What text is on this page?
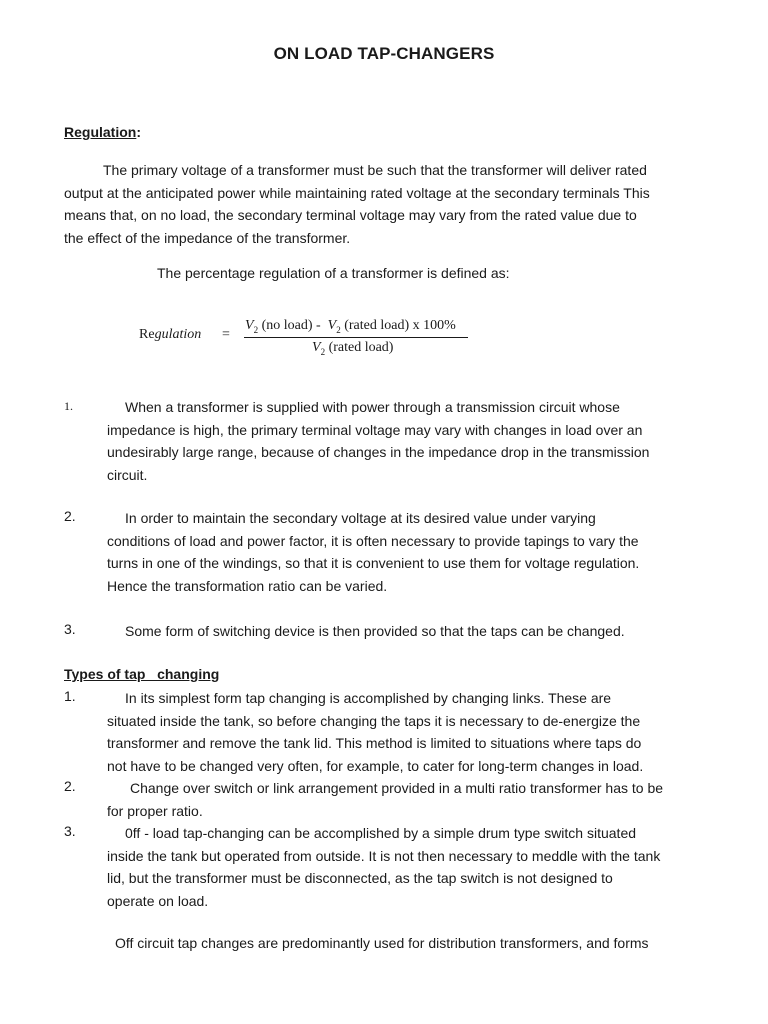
ON LOAD TAP-CHANGERS
Regulation:
The primary voltage of a transformer must be such that the transformer will deliver rated
output at the anticipated power while maintaining rated voltage at the secondary terminals This
means that, on no load, the secondary terminal voltage may vary from the rated value due to
the effect of the impedance of the transformer.
The percentage regulation of a transformer is defined as:
Regulation =
$V_2$ (no load) -  $V_2$ (rated load) x 100%
$V_2$ (rated load)
1.	When a transformer is supplied with power through a transmission circuit whose
impedance is high, the primary terminal voltage may vary with changes in load over an
undesirably large range, because of changes in the impedance drop in the transmission
circuit.
2.	In order to maintain the secondary voltage at its desired value under varying
conditions of load and power factor, it is often necessary to provide tapings to vary the
turns in one of the windings, so that it is convenient to use them for voltage regulation.
Hence the transformation ratio can be varied.
3.	Some form of switching device is then provided so that the taps can be changed.
Types of tap   changing
1.	In its simplest form tap changing is accomplished by changing links. These are
situated inside the tank, so before changing the taps it is necessary to de-energize the
transformer and remove the tank lid. This method is limited to situations where taps do
not have to be changed very often, for example, to cater for long-term changes in load.
2.	Change over switch or link arrangement provided in a multi ratio transformer has to be
for proper ratio.
3.	0ff - load tap-changing can be accomplished by a simple drum type switch situated
inside the tank but operated from outside. It is not then necessary to meddle with the tank
lid, but the transformer must be disconnected, as the tap switch is not designed to
operate on load.
Off circuit tap changes are predominantly used for distribution transformers, and forms
